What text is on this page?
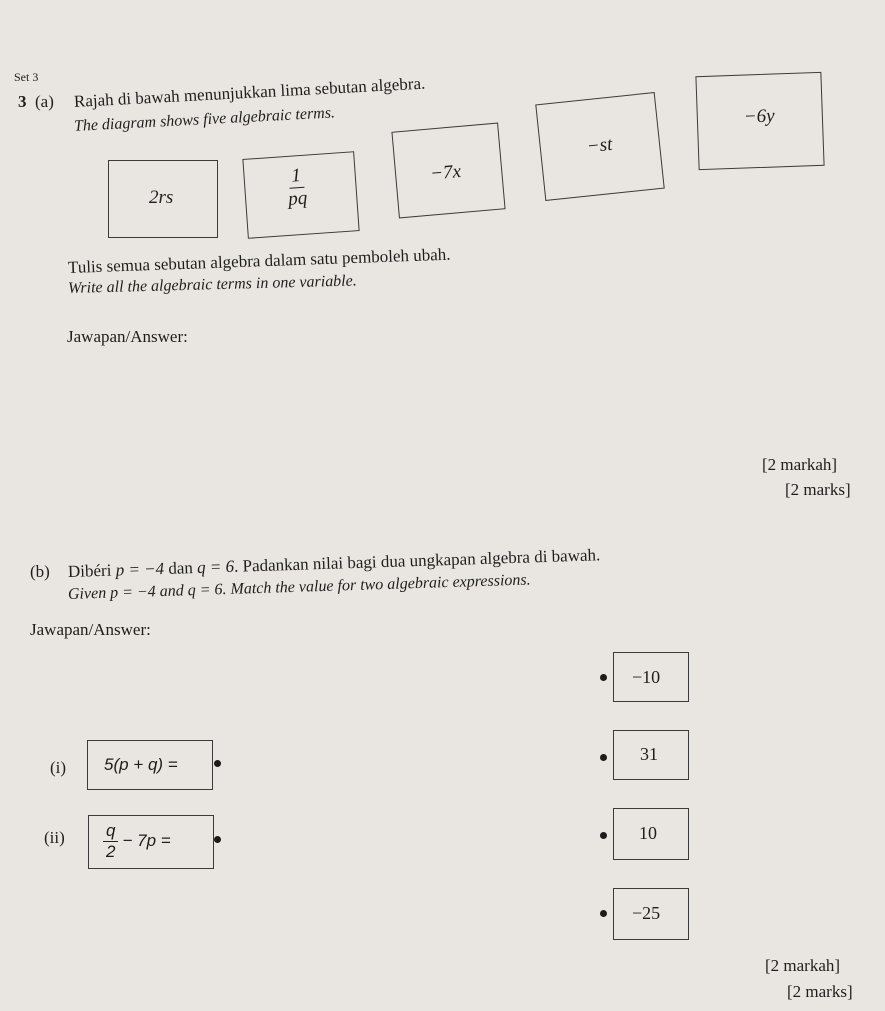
Set 3
3 (a) Rajah di bawah menunjukkan lima sebutan algebra.
The diagram shows five algebraic terms.
2rs	$\frac{1}{pq}$	−7x
−st
−6y
Tulis semua sebutan algebra dalam satu pemboleh ubah.
Write all the algebraic terms in one variable.
Jawapan/Answer:
[2 markah]
[2 marks]
(b) Dibéri p = −4 dan q = 6. Padankan nilai bagi dua ungkapan algebra di bawah.
Given p = −4 and q = 6. Match the value for two algebraic expressions.
Jawapan/Answer:
(i) 5(p + q) =
$(ii) \frac{q}{2} - 7p$ =
−10
31
10
−25
[2 markah]
[2 marks]
